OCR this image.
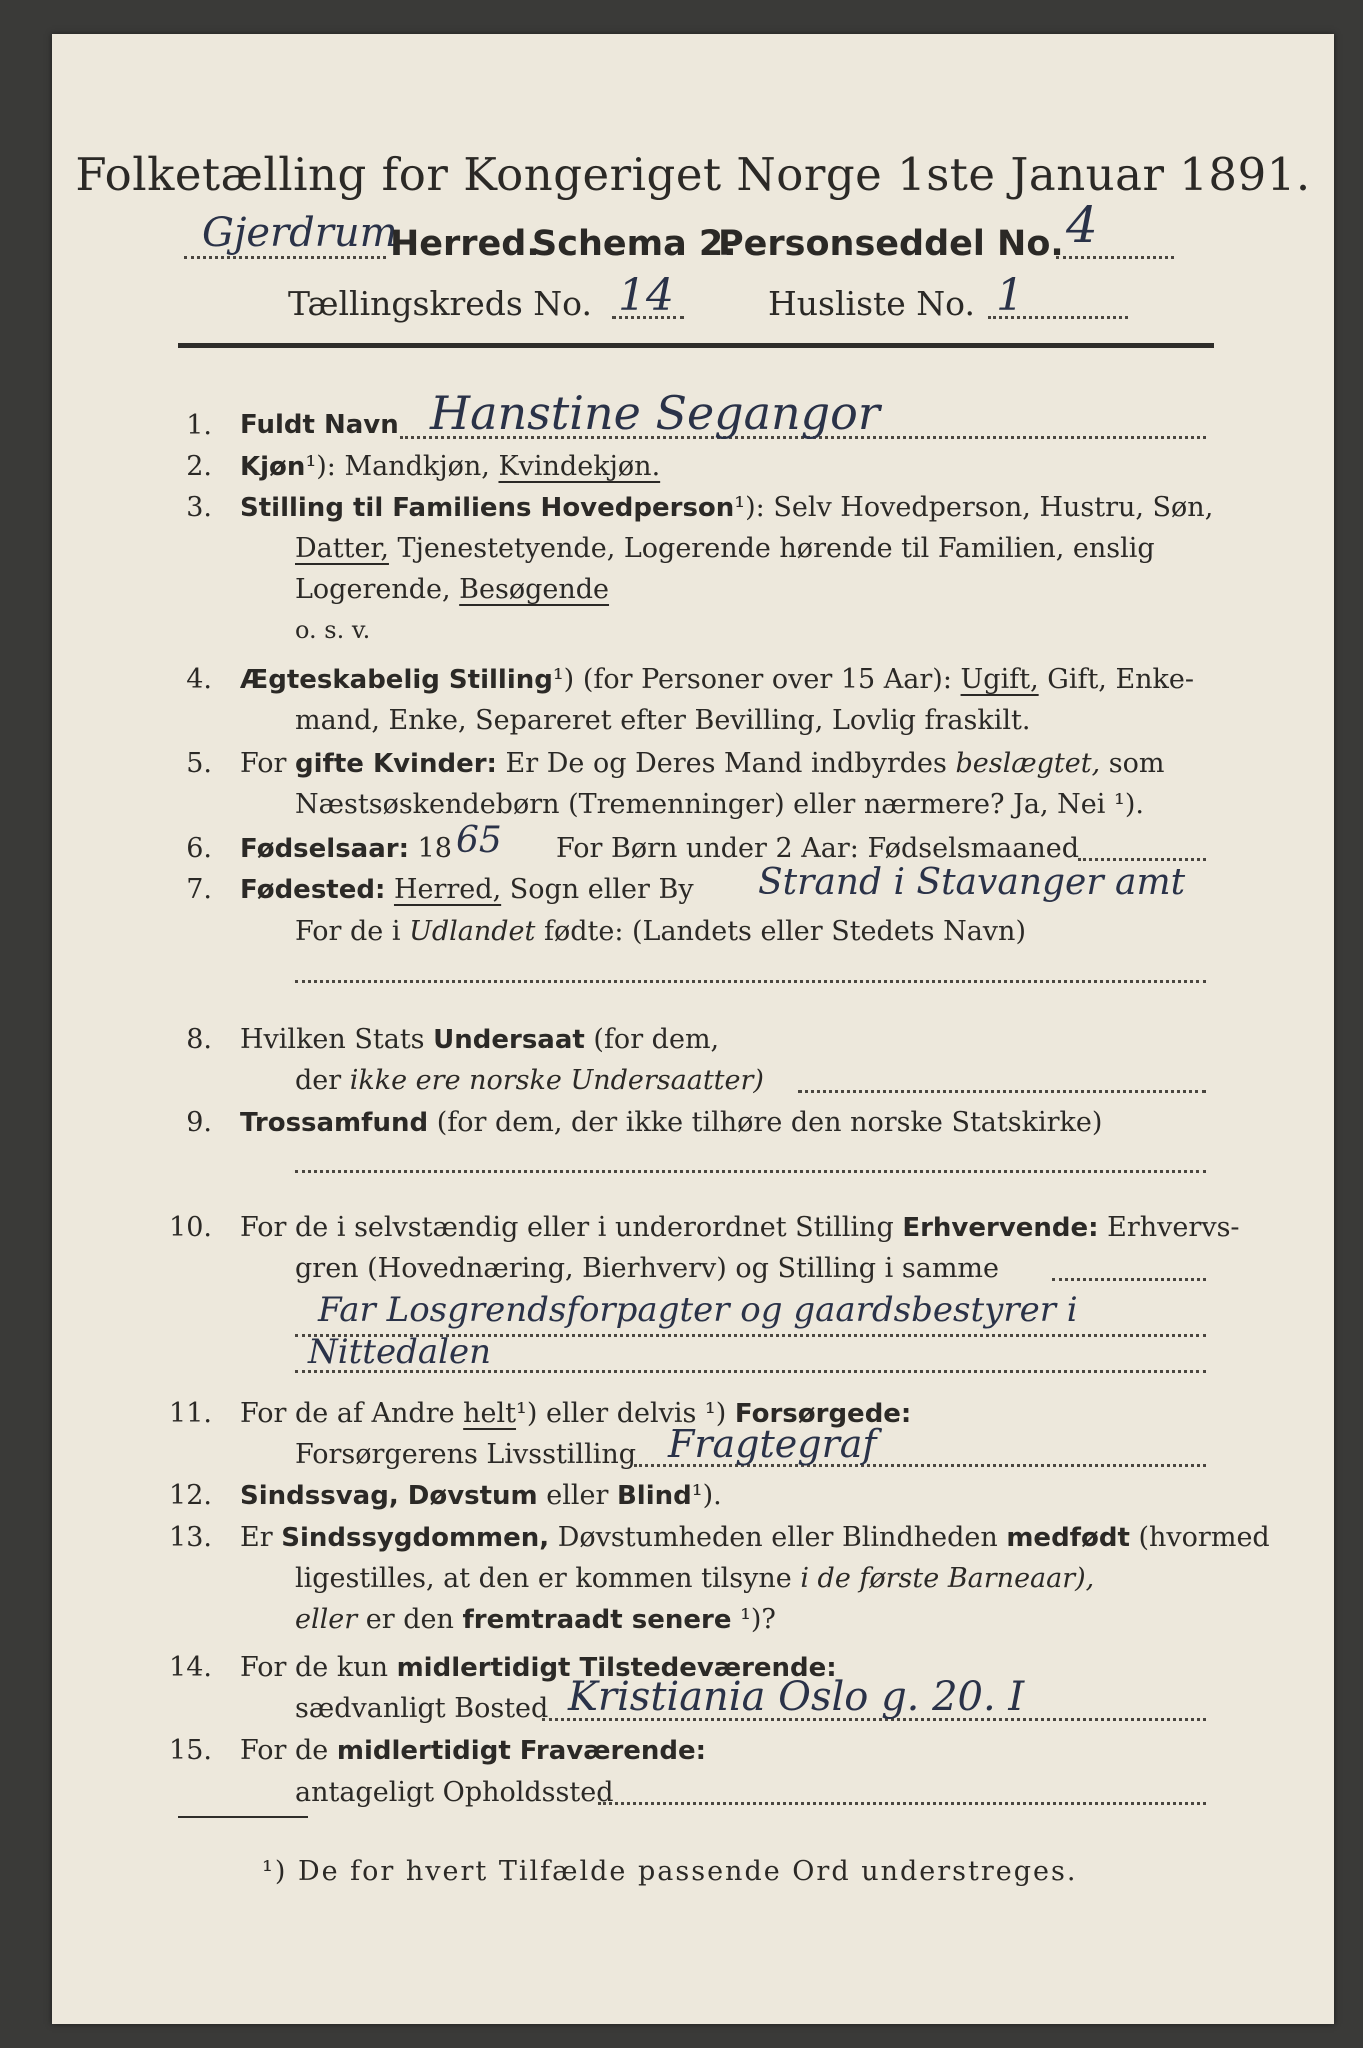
Folketælling for Kongeriget Norge 1ste Januar 1891.
Gjerdrum
Herred.
Schema 2.
Personseddel No. 4
Tællingskreds No. 14	Husliste No. 1
1. Fuldt Navn Hanstine Segangor
2. Kjøn¹): Mandkjøn, Kvindekjøn.
3. Stilling til Familiens Hovedperson¹): Selv Hovedperson, Hustru, Søn,
Datter, Tjenestetyende, Logerende hørende til Familien, enslig
Logerende, Besøgende
o. s. v.
4. Ægteskabelig Stilling¹) (for Personer over 15 Aar): Ugift, Gift, Enke-
mand, Enke, Separeret efter Bevilling, Lovlig fraskilt.
5. For gifte Kvinder: Er De og Deres Mand indbyrdes beslægtet, som
Næstsøskendebørn (Tremenninger) eller nærmere? Ja, Nei ¹).
6. Fødselsaar: 18	For Børn under 2 Aar: Fødselsmaaned
65
7. Fødested: Herred, Sogn eller By Strand i Stavanger amt
For de i Udlandet fødte: (Landets eller Stedets Navn)
8. Hvilken Stats Undersaat (for dem,
der ikke ere norske Undersaatter)
9. Trossamfund (for dem, der ikke tilhøre den norske Statskirke)
10. For de i selvstændig eller i underordnet Stilling Erhvervende: Erhvervs-
gren (Hovednæring, Bierhverv) og Stilling i samme
Far Losgrendsforpagter og gaardsbestyrer i
Nittedalen
11. For de af Andre helt¹) eller delvis ¹) Forsørgede:
Forsørgerens Livsstilling Fragtegraf
12. Sindssvag, Døvstum eller Blind¹).
13. Er Sindssygdommen, Døvstumheden eller Blindheden medfødt (hvormed
ligestilles, at den er kommen tilsyne i de første Barneaar),
eller er den fremtraadt senere ¹)?
14. For de kun midlertidigt Tilstedeværende:
sædvanligt Bosted Kristiania Oslo g. 20. I
15. For de midlertidigt Fraværende:
antageligt Opholdssted
¹) De for hvert Tilfælde passende Ord understreges.
